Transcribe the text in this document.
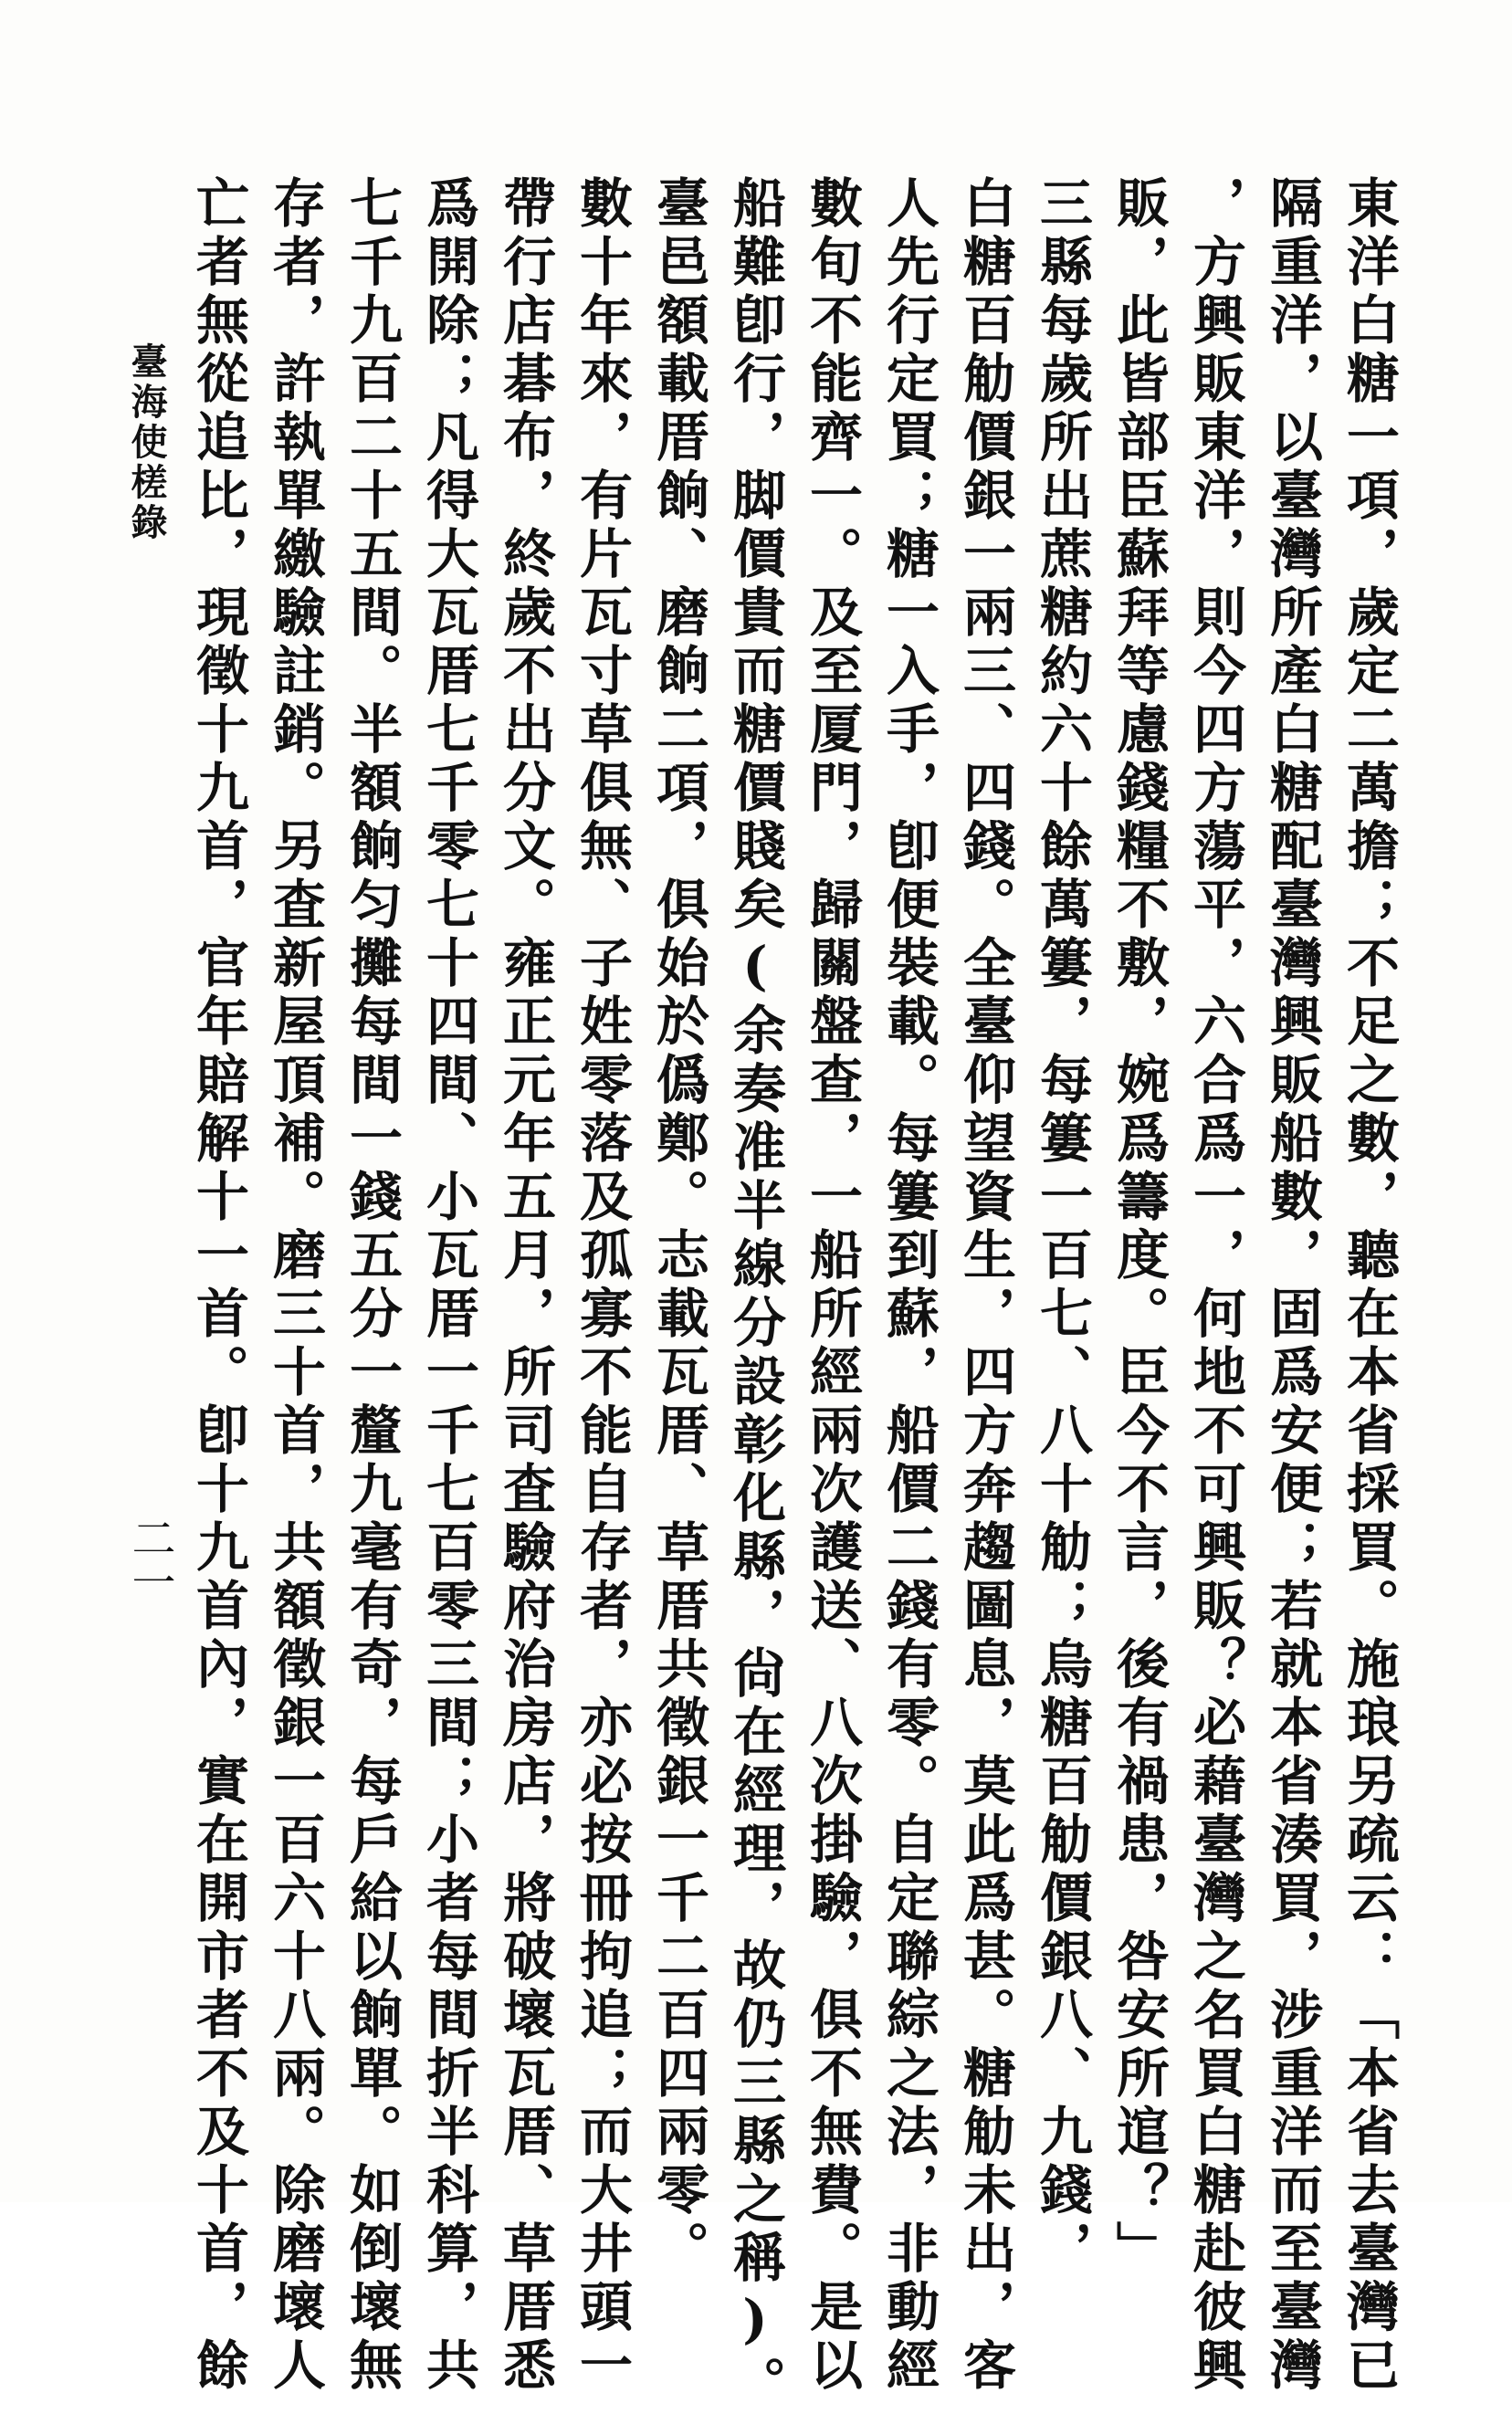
東洋白糖一項，歲定二萬擔；不足之數，聽在本省採買。施琅另疏云：「本省去臺灣已
隔重洋，以臺灣所產白糖配臺灣興販船數，固爲安便；若就本省湊買，涉重洋而至臺灣
，方興販東洋，則今四方蕩平，六合爲一，何地不可興販？必藉臺灣之名買白糖赴彼興
販，此皆部臣蘇拜等慮錢糧不敷，婉爲籌度。臣今不言，後有禍患，咎安所逭？」
三縣每歲所出蔗糖約六十餘萬簍，每簍一百七、八十觔；烏糖百觔價銀八、九錢，
白糖百觔價銀一兩三、四錢。全臺仰望資生，四方奔趨圖息，莫此爲甚。糖觔未出，客
人先行定買；糖一入手，卽便裝載。每簍到蘇，船價二錢有零。自定聯綜之法，非動經
數旬不能齊一。及至厦門，歸關盤查，一船所經兩次護送、八次掛驗，俱不無費。是以
船難卽行，脚價貴而糖價賤矣(余奏准半線分設彰化縣，尙在經理，故仍三縣之稱)。
臺邑額載厝餉、磨餉二項，俱始於僞鄭。志載瓦厝、草厝共徵銀一千二百四兩零。
數十年來，有片瓦寸草俱無、子姓零落及孤寡不能自存者，亦必按冊拘追；而大井頭一
帶行店碁布，終歲不出分文。雍正元年五月，所司査驗府治房店，將破壞瓦厝、草厝悉
爲開除；凡得大瓦厝七千零七十四間、小瓦厝一千七百零三間；小者每間折半科算，共
七千九百二十五間。半額餉匀攤每間一錢五分一釐九毫有奇，每戶給以餉單。如倒壞無
存者，許執單繳驗註銷。另査新屋頂補。磨三十首，共額徵銀一百六十八兩。除磨壞人
亡者無從追比，現徵十九首，官年賠解十一首。卽十九首內，實在開市者不及十首，餘
臺海使槎錄
二一
